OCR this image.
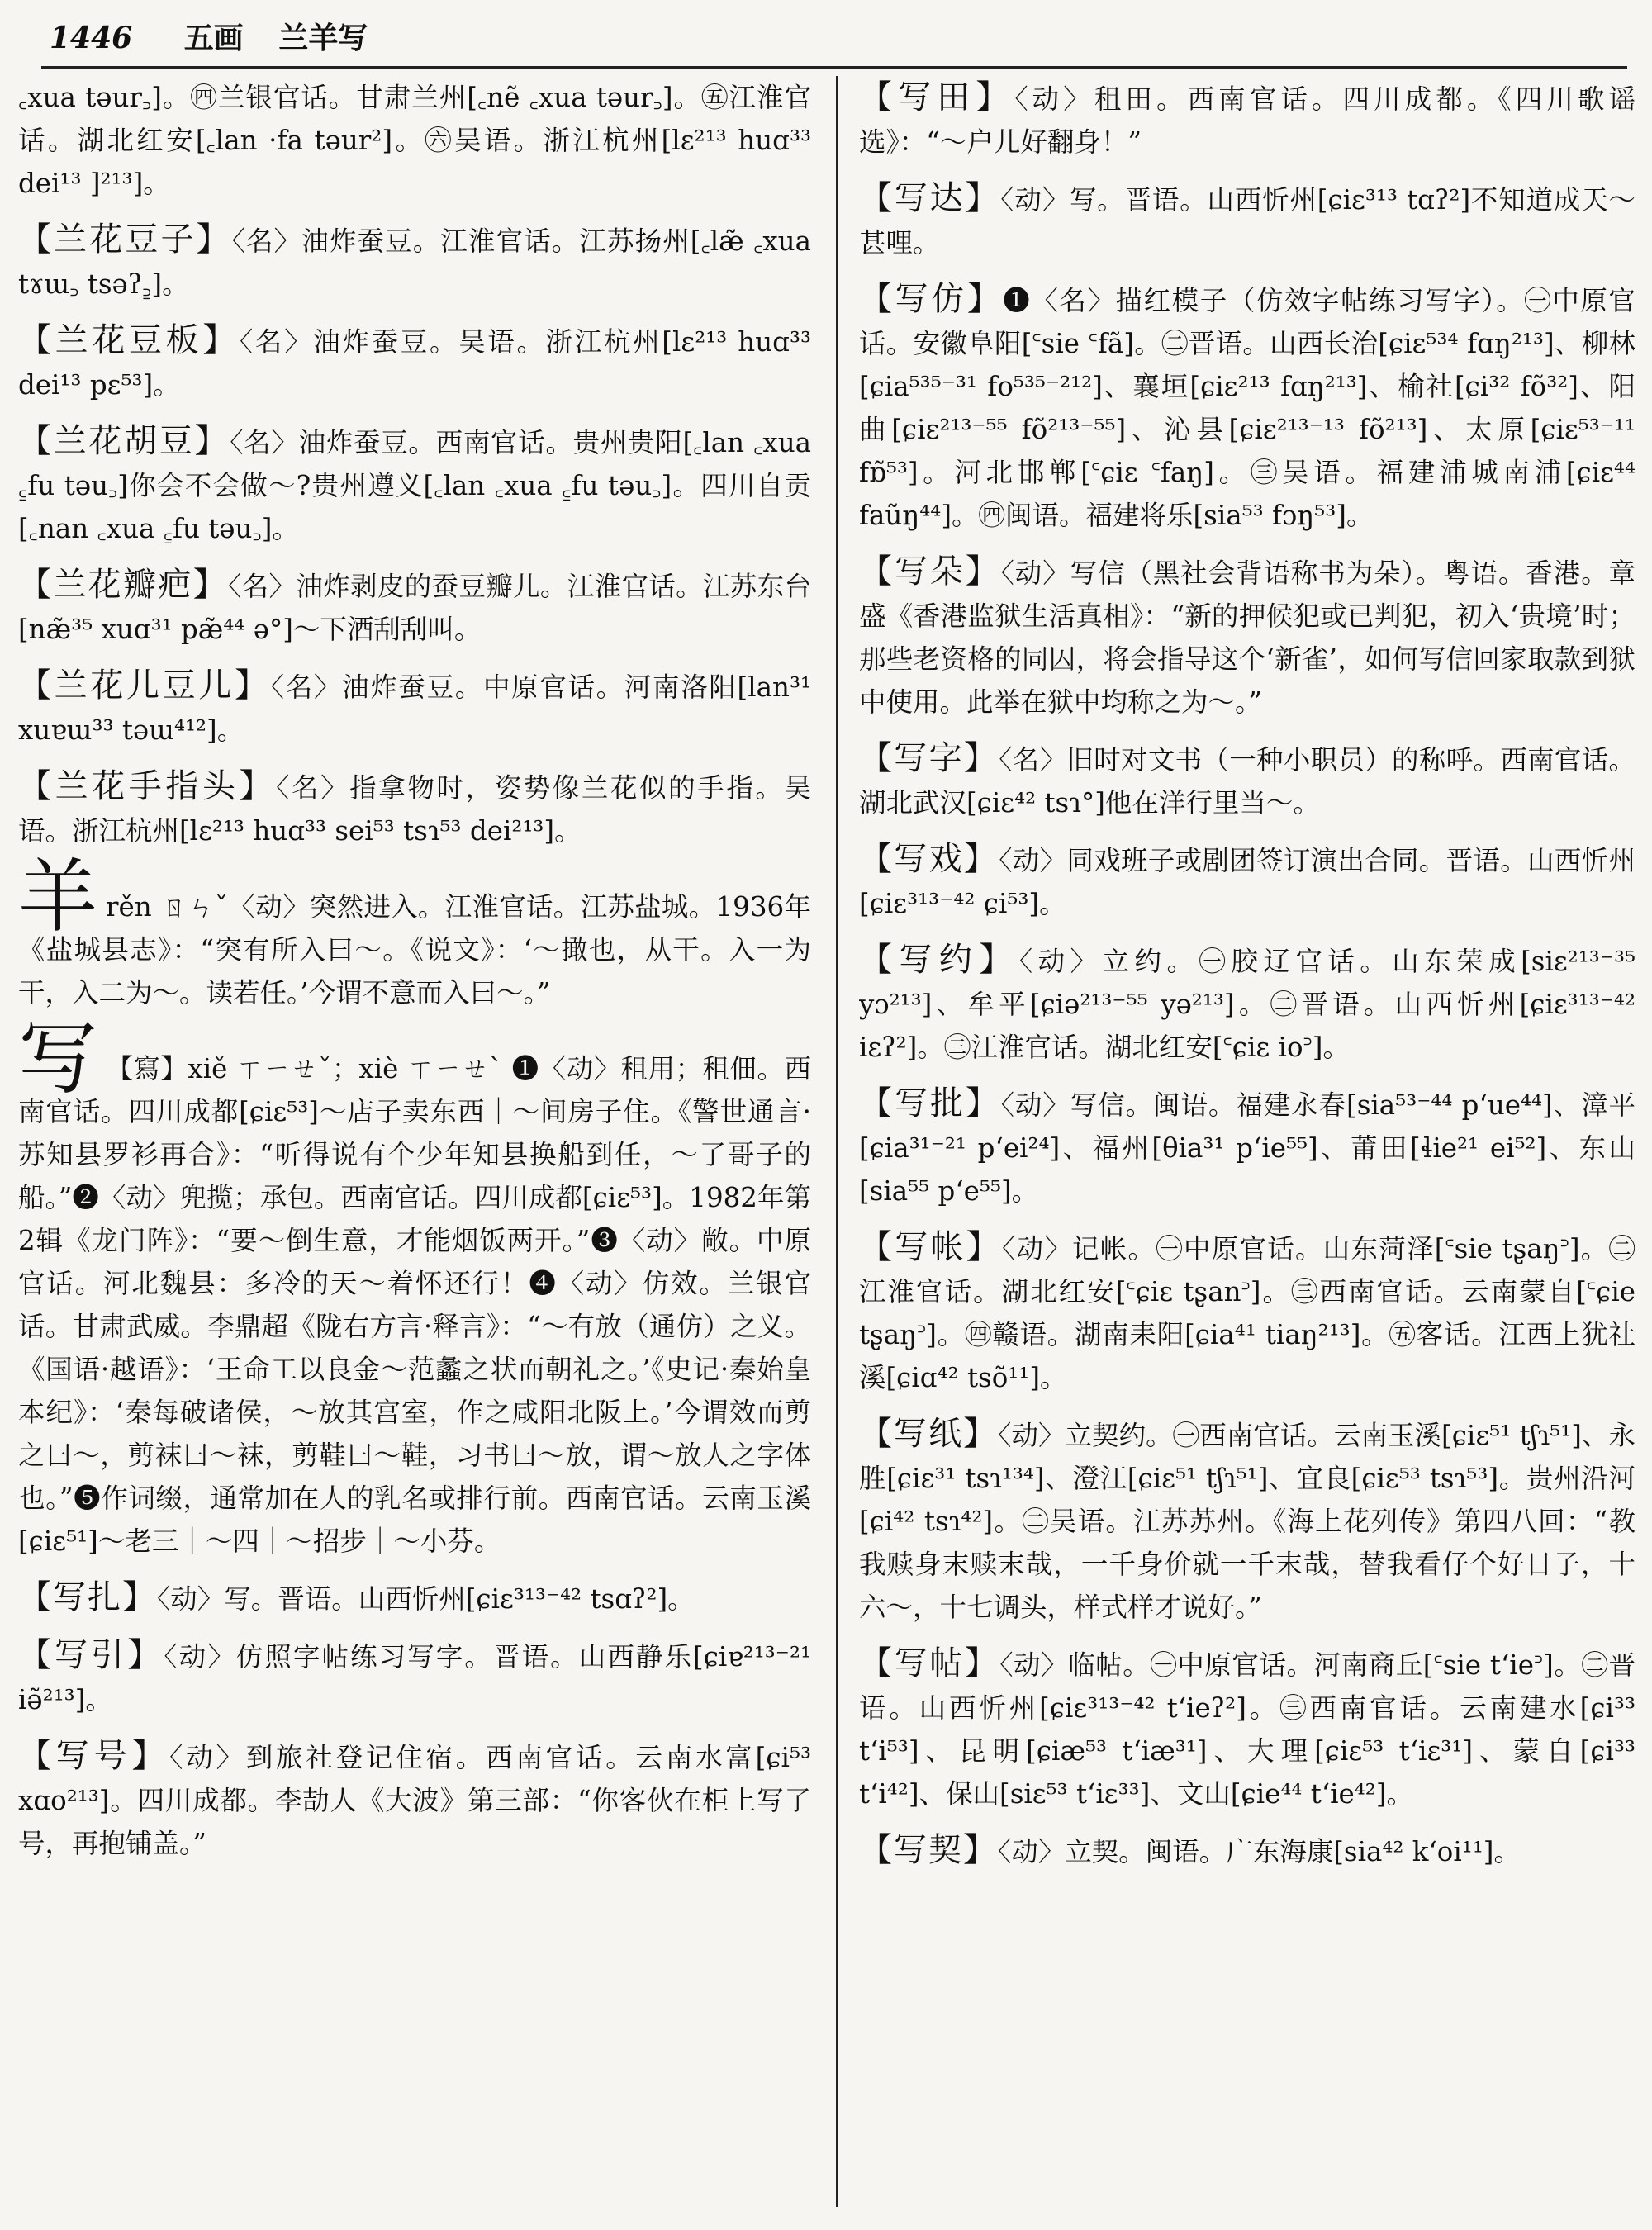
1446 五画 兰羊写
꜀xua təur꜆]。㊃兰银官话。甘肃兰州[꜀nẽ ꜀xua təur꜆]。㊄江淮官话。湖北红安[꜀lan ·fa təur²]。㊅吴语。浙江杭州[lɛ²¹³ huɑ³³ dei¹³ ]²¹³]。
【兰花豆子】〈名〉油炸蚕豆。江淮官话。江苏扬州[꜀læ̃ ꜀xua tɤɯ꜆ tsəʔ꜇]。
【兰花豆板】〈名〉油炸蚕豆。吴语。浙江杭州[lɛ²¹³ huɑ³³ dei¹³ pɛ⁵³]。
【兰花胡豆】〈名〉油炸蚕豆。西南官话。贵州贵阳[꜀lan ꜀xua ꜁fu təu꜆]你会不会做～?贵州遵义[꜀lan ꜀xua ꜁fu təu꜆]。四川自贡[꜀nan ꜀xua ꜁fu təu꜆]。
【兰花瓣疤】〈名〉油炸剥皮的蚕豆瓣儿。江淮官话。江苏东台[næ̃³⁵ xuɑ³¹ pæ̃⁴⁴ ə°]～下酒刮刮叫。
【兰花儿豆儿】〈名〉油炸蚕豆。中原官话。河南洛阳[lan³¹ xuɐɯ³³ təɯ⁴¹²]。
【兰花手指头】〈名〉指拿物时，姿势像兰花似的手指。吴语。浙江杭州[lɛ²¹³ huɑ³³ sei⁵³ tsɿ⁵³ dei²¹³]。
羊rěn ㄖㄣˇ〈动〉突然进入。江淮官话。江苏盐城。1936年《盐城县志》：“突有所入曰～。《说文》：‘～撖也，从干。入一为干，入二为～。读若任。’今谓不意而入曰～。”
写 【寫】xiě ㄒㄧㄝˇ；xiè ㄒㄧㄝˋ ❶〈动〉租用；租佃。西南官话。四川成都[ɕiɛ⁵³]～店子卖东西｜～间房子住。《警世通言·苏知县罗衫再合》：“听得说有个少年知县换船到任，～了哥子的船。”❷〈动〉兜揽；承包。西南官话。四川成都[ɕiɛ⁵³]。1982年第2辑《龙门阵》：“要～倒生意，才能烟饭两开。”❸〈动〉敞。中原官话。河北魏县：多冷的天～着怀还行！❹〈动〉仿效。兰银官话。甘肃武威。李鼎超《陇右方言·释言》：“～有放（通仿）之义。《国语·越语》：‘王命工以良金～范蠡之状而朝礼之。’《史记·秦始皇本纪》：‘秦每破诸侯，～放其宫室，作之咸阳北阪上。’今谓效而剪之曰～，剪袜曰～袜，剪鞋曰～鞋，习书曰～放，谓～放人之字体也。”❺作词缀，通常加在人的乳名或排行前。西南官话。云南玉溪[ɕiɛ⁵¹]～老三｜～四｜～招步｜～小芬。
【写扎】〈动〉写。晋语。山西忻州[ɕiɛ³¹³⁻⁴² tsɑʔ²]。
【写引】〈动〉仿照字帖练习写字。晋语。山西静乐[ɕiɐ²¹³⁻²¹ iə̃²¹³]。
【写号】〈动〉到旅社登记住宿。西南官话。云南水富[ɕi⁵³ xɑo²¹³]。四川成都。李劼人《大波》第三部：“你客伙在柜上写了号，再抱铺盖。”
【写田】〈动〉租田。西南官话。四川成都。《四川歌谣选》：“～户儿好翻身！”
【写达】〈动〉写。晋语。山西忻州[ɕiɛ³¹³ tɑʔ²]不知道成天～甚哩。
【写仿】❶〈名〉描红模子（仿效字帖练习写字）。㊀中原官话。安徽阜阳[꜂sie ꜂fã]。㊁晋语。山西长治[ɕiɛ⁵³⁴ fɑŋ²¹³]、柳林[ɕia⁵³⁵⁻³¹ fo⁵³⁵⁻²¹²]、襄垣[ɕiɛ²¹³ fɑŋ²¹³]、榆社[ɕi³² fõ³²]、阳曲[ɕiɛ²¹³⁻⁵⁵ fõ²¹³⁻⁵⁵]、沁县[ɕiɛ²¹³⁻¹³ fõ²¹³]、太原[ɕiɛ⁵³⁻¹¹ fɒ̃⁵³]。河北邯郸[꜂ɕiɛ ꜂faŋ]。㊂吴语。福建浦城南浦[ɕiɛ⁴⁴ faũŋ⁴⁴]。㊃闽语。福建将乐[sia⁵³ fɔŋ⁵³]。
【写朵】〈动〉写信（黑社会背语称书为朵）。粤语。香港。章盛《香港监狱生活真相》：“新的押候犯或已判犯，初入‘贵境’时；那些老资格的同囚，将会指导这个‘新雀’，如何写信回家取款到狱中使用。此举在狱中均称之为～。”
【写字】〈名〉旧时对文书（一种小职员）的称呼。西南官话。湖北武汉[ɕiɛ⁴² tsɿ°]他在洋行里当～。
【写戏】〈动〉同戏班子或剧团签订演出合同。晋语。山西忻州[ɕiɛ³¹³⁻⁴² ɕi⁵³]。
【写约】〈动〉立约。㊀胶辽官话。山东荣成[siɛ²¹³⁻³⁵ yɔ²¹³]、牟平[ɕiə²¹³⁻⁵⁵ yə²¹³]。㊁晋语。山西忻州[ɕiɛ³¹³⁻⁴² iɛʔ²]。㊂江淮官话。湖北红安[꜂ɕiɛ io꜄]。
【写批】〈动〉写信。闽语。福建永春[sia⁵³⁻⁴⁴ pʻue⁴⁴]、漳平[ɕia³¹⁻²¹ pʻei²⁴]、福州[θia³¹ pʻie⁵⁵]、莆田[ɬie²¹ ei⁵²]、东山[sia⁵⁵ pʻe⁵⁵]。
【写帐】〈动〉记帐。㊀中原官话。山东菏泽[꜂sie tʂaŋ꜄]。㊁江淮官话。湖北红安[꜂ɕiɛ tʂan꜄]。㊂西南官话。云南蒙自[꜂ɕie tʂaŋ꜄]。㊃赣语。湖南耒阳[ɕia⁴¹ tiaŋ²¹³]。㊄客话。江西上犹社溪[ɕiɑ⁴² tsõ¹¹]。
【写纸】〈动〉立契约。㊀西南官话。云南玉溪[ɕiɛ⁵¹ tʃɿ⁵¹]、永胜[ɕiɛ³¹ tsɿ¹³⁴]、澄江[ɕiɛ⁵¹ tʃɿ⁵¹]、宜良[ɕiɛ⁵³ tsɿ⁵³]。贵州沿河[ɕi⁴² tsɿ⁴²]。㊁吴语。江苏苏州。《海上花列传》第四八回：“教我赎身末赎末哉，一千身价就一千末哉，替我看仔个好日子，十六～，十七调头，样式样才说好。”
【写帖】〈动〉临帖。㊀中原官话。河南商丘[꜂sie tʻie꜄]。㊁晋语。山西忻州[ɕiɛ³¹³⁻⁴² tʻieʔ²]。㊂西南官话。云南建水[ɕi³³ tʻi⁵³]、昆明[ɕiæ⁵³ tʻiæ³¹]、大理[ɕiɛ⁵³ tʻiɛ³¹]、蒙自[ɕi³³ tʻi⁴²]、保山[siɛ⁵³ tʻiɛ³³]、文山[ɕie⁴⁴ tʻie⁴²]。
【写契】〈动〉立契。闽语。广东海康[sia⁴² kʻoi¹¹]。
